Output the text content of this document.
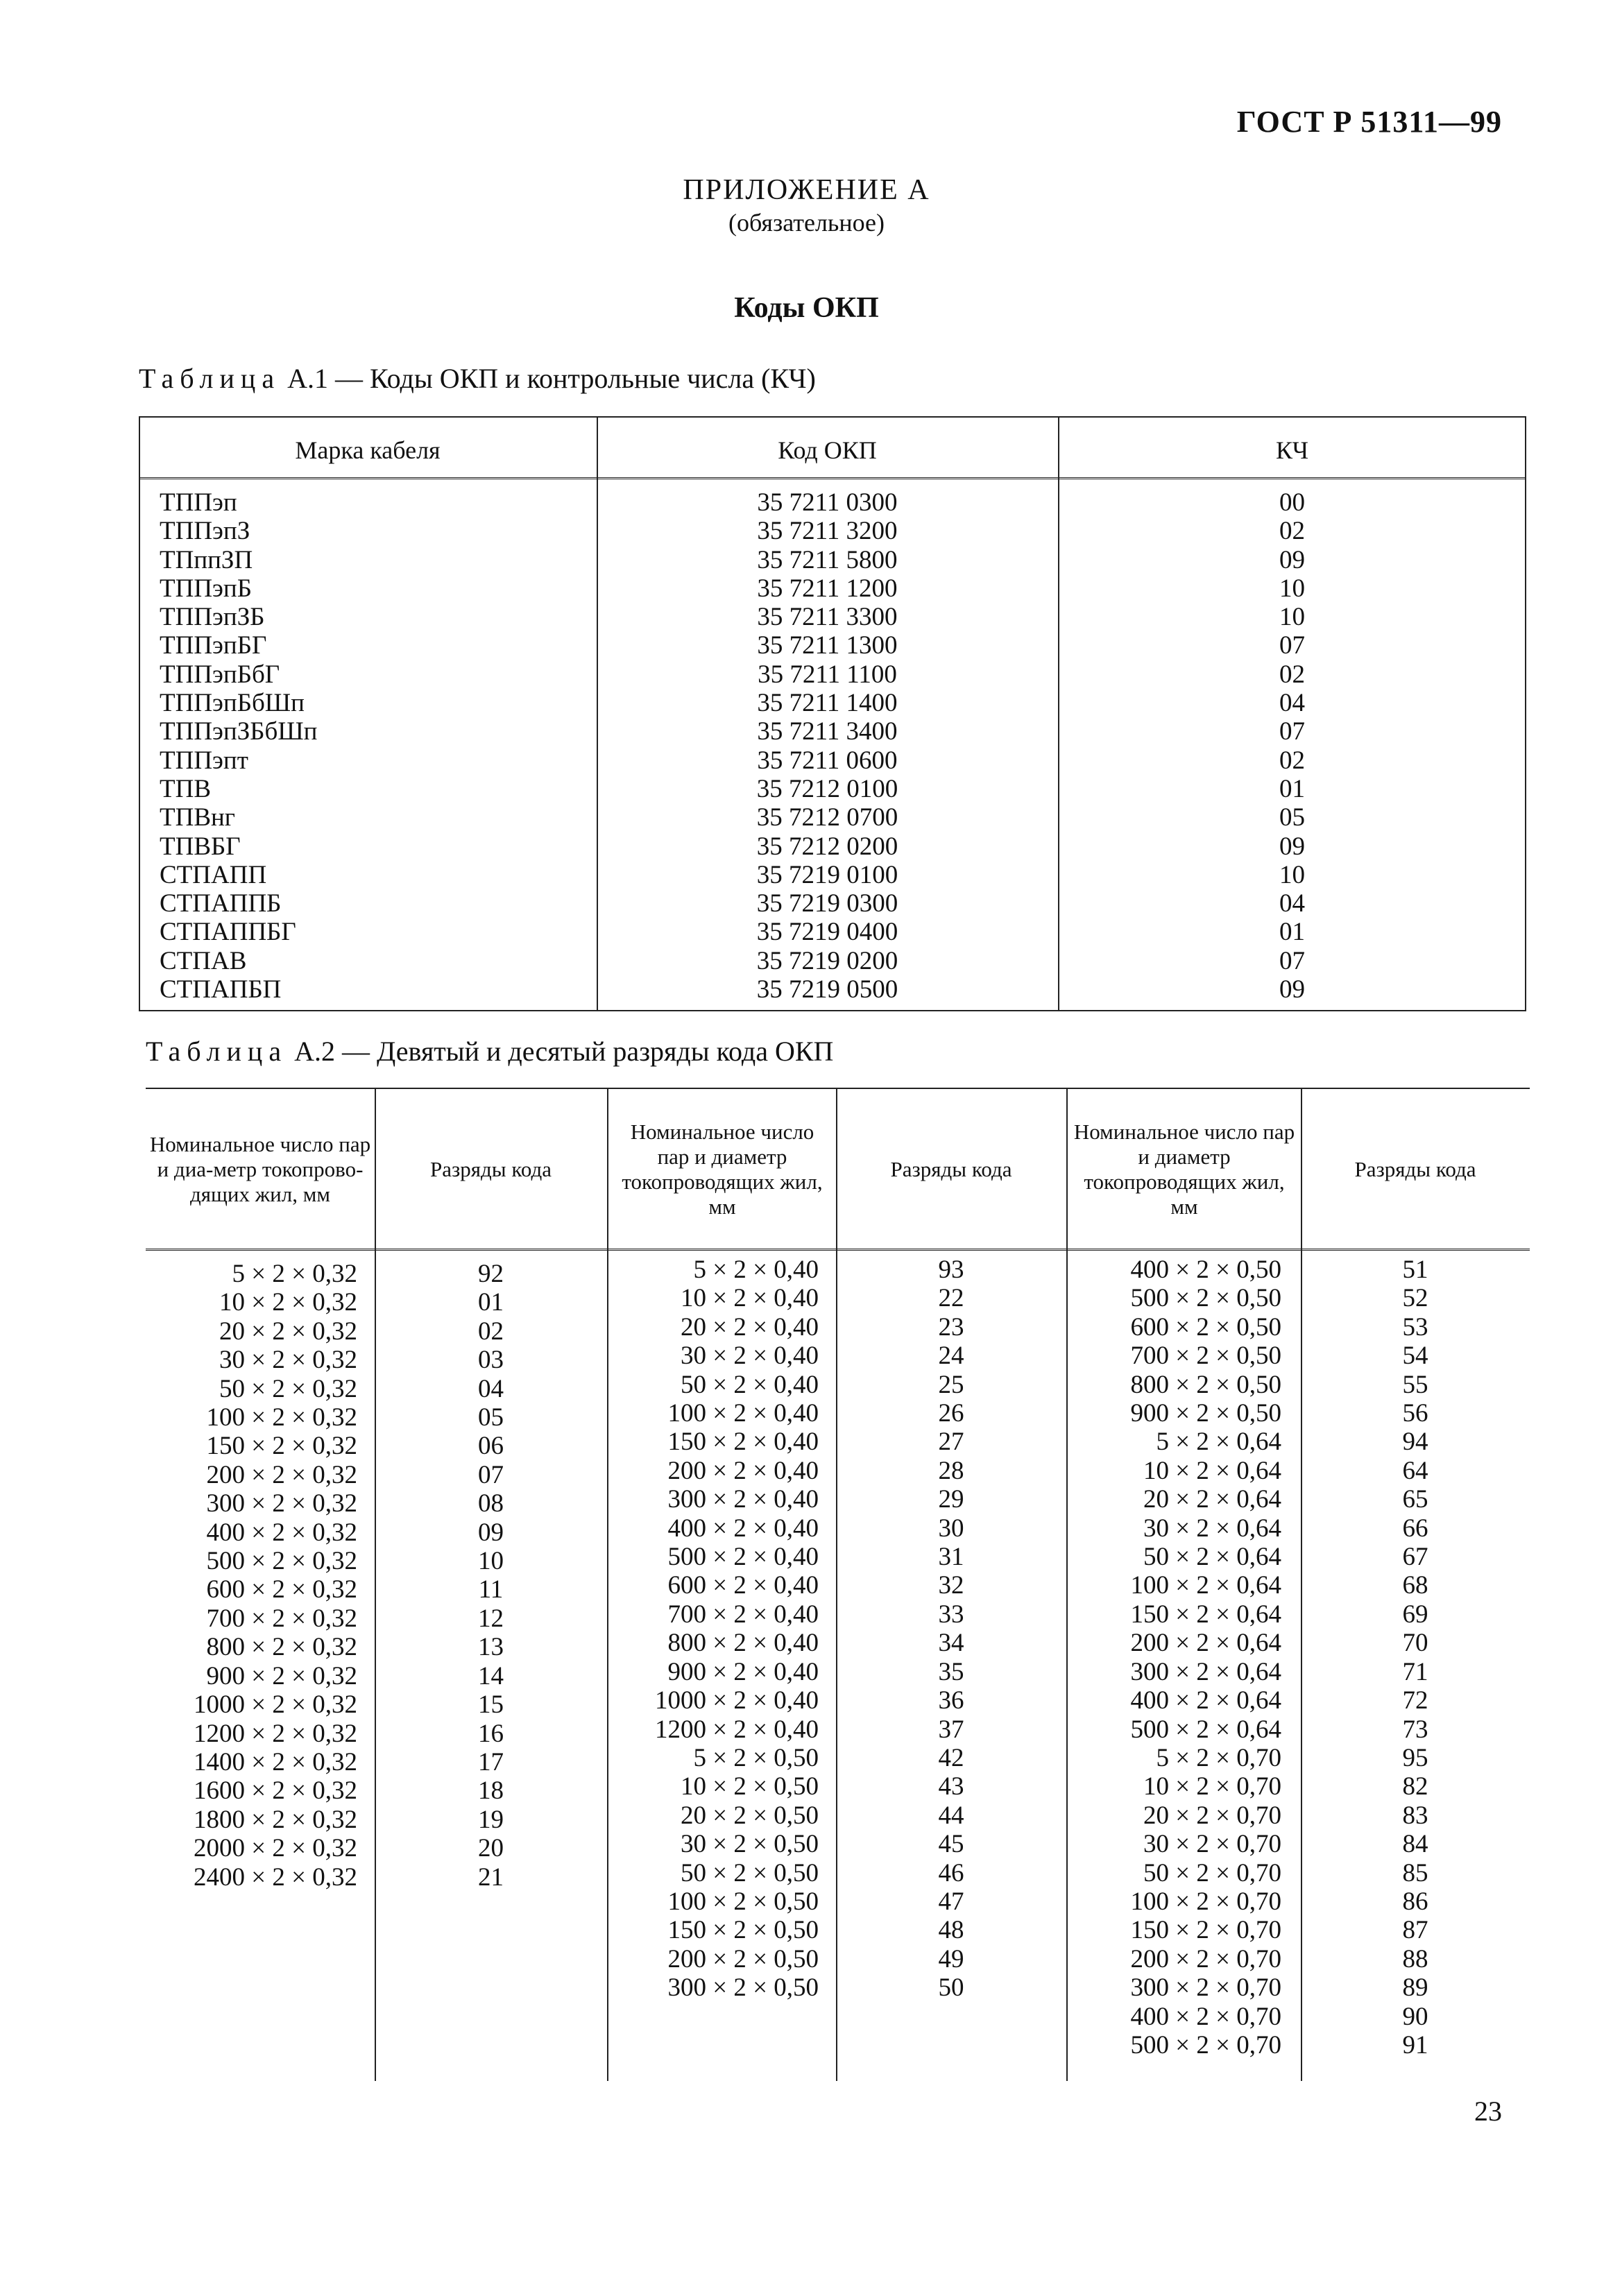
ГОСТ Р 51311—99
ПРИЛОЖЕНИЕ А
(обязательное)
Коды ОКП
Таблица А.1 — Коды ОКП и контрольные числа (КЧ)
Марка кабеля	Код ОКП	КЧ
ТППэп
ТППэпЗ
ТПппЗП
ТППэпБ
ТППэпЗБ
ТППэпБГ
ТППэпБбГ
ТППэпБбШп
ТППэпЗБбШп
ТППэпт
ТПВ
ТПВнг
ТПВБГ
СТПАПП
СТПАППБ
СТПАППБГ
СТПАВ
СТПАПБП
35 7211 0300
35 7211 3200
35 7211 5800
35 7211 1200
35 7211 3300
35 7211 1300
35 7211 1100
35 7211 1400
35 7211 3400
35 7211 0600
35 7212 0100
35 7212 0700
35 7212 0200
35 7219 0100
35 7219 0300
35 7219 0400
35 7219 0200
35 7219 0500
00
02
09
10
10
07
02
04
07
02
01
05
09
10
04
01
07
09
Таблица А.2 — Девятый и десятый разряды кода ОКП
Номинальное число пар и диа-метр токопрово-дящих жил, мм
Разряды кода
Номинальное число пар и диаметр токопроводящих жил, мм
Разряды кода
Номинальное число пар и диаметр токопроводящих жил, мм
Разряды кода
5 × 2 × 0,32
10 × 2 × 0,32
20 × 2 × 0,32
30 × 2 × 0,32
50 × 2 × 0,32
100 × 2 × 0,32
150 × 2 × 0,32
200 × 2 × 0,32
300 × 2 × 0,32
400 × 2 × 0,32
500 × 2 × 0,32
600 × 2 × 0,32
700 × 2 × 0,32
800 × 2 × 0,32
900 × 2 × 0,32
1000 × 2 × 0,32
1200 × 2 × 0,32
1400 × 2 × 0,32
1600 × 2 × 0,32
1800 × 2 × 0,32
2000 × 2 × 0,32
2400 × 2 × 0,32
92
01
02
03
04
05
06
07
08
09
10
11
12
13
14
15
16
17
18
19
20
21
5 × 2 × 0,40
10 × 2 × 0,40
20 × 2 × 0,40
30 × 2 × 0,40
50 × 2 × 0,40
100 × 2 × 0,40
150 × 2 × 0,40
200 × 2 × 0,40
300 × 2 × 0,40
400 × 2 × 0,40
500 × 2 × 0,40
600 × 2 × 0,40
700 × 2 × 0,40
800 × 2 × 0,40
900 × 2 × 0,40
1000 × 2 × 0,40
1200 × 2 × 0,40
5 × 2 × 0,50
10 × 2 × 0,50
20 × 2 × 0,50
30 × 2 × 0,50
50 × 2 × 0,50
100 × 2 × 0,50
150 × 2 × 0,50
200 × 2 × 0,50
300 × 2 × 0,50
93
22
23
24
25
26
27
28
29
30
31
32
33
34
35
36
37
42
43
44
45
46
47
48
49
50
400 × 2 × 0,50
500 × 2 × 0,50
600 × 2 × 0,50
700 × 2 × 0,50
800 × 2 × 0,50
900 × 2 × 0,50
5 × 2 × 0,64
10 × 2 × 0,64
20 × 2 × 0,64
30 × 2 × 0,64
50 × 2 × 0,64
100 × 2 × 0,64
150 × 2 × 0,64
200 × 2 × 0,64
300 × 2 × 0,64
400 × 2 × 0,64
500 × 2 × 0,64
5 × 2 × 0,70
10 × 2 × 0,70
20 × 2 × 0,70
30 × 2 × 0,70
50 × 2 × 0,70
100 × 2 × 0,70
150 × 2 × 0,70
200 × 2 × 0,70
300 × 2 × 0,70
400 × 2 × 0,70
500 × 2 × 0,70
51
52
53
54
55
56
94
64
65
66
67
68
69
70
71
72
73
95
82
83
84
85
86
87
88
89
90
91
23
